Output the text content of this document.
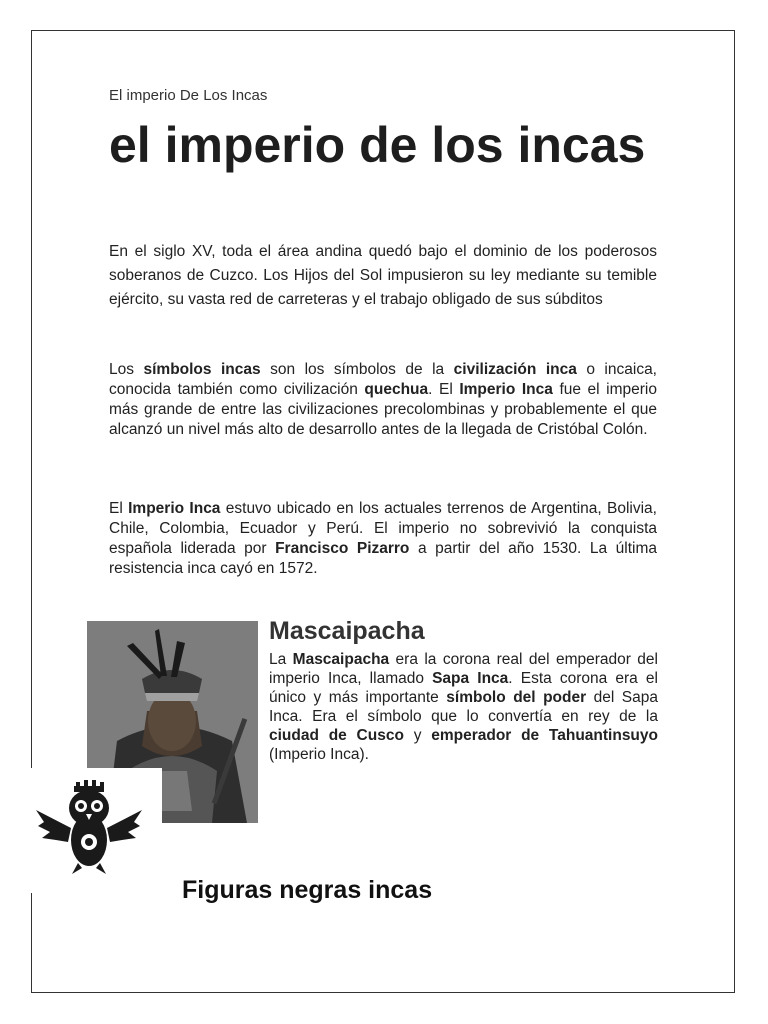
El imperio De Los Incas
el imperio de los incas

En el siglo XV, toda el área andina quedó bajo el dominio de los poderosos soberanos de Cuzco. Los Hijos del Sol impusieron su ley mediante su temible ejército, su vasta red de carreteras y el trabajo obligado de sus súbditos

Los símbolos incas son los símbolos de la civilización inca o incaica, conocida también como civilización quechua. El Imperio Inca fue el imperio más grande de entre las civilizaciones precolombinas y probablemente el que alcanzó un nivel más alto de desarrollo antes de la llegada de Cristóbal Colón.

El Imperio Inca estuvo ubicado en los actuales terrenos de Argentina, Bolivia, Chile, Colombia, Ecuador y Perú. El imperio no sobrevivió la conquista española liderada por Francisco Pizarro a partir del año 1530. La última resistencia inca cayó en 1572.

Mascaipacha

La Mascaipacha era la corona real del emperador del imperio Inca, llamado Sapa Inca. Esta corona era el único y más importante símbolo del poder del Sapa Inca. Era el símbolo que lo convertía en rey de la ciudad de Cusco y emperador de Tahuantinsuyo (Imperio Inca).

Figuras negras incas
